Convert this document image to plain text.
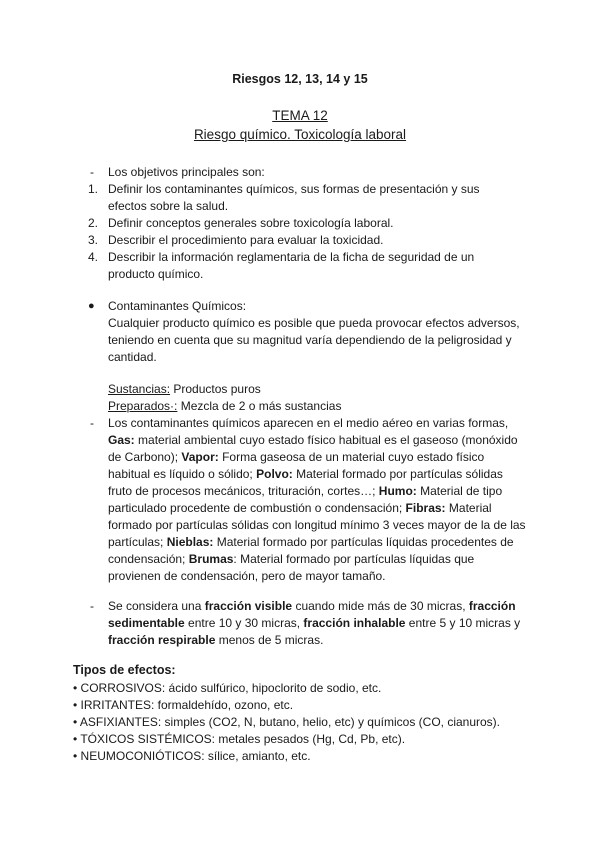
Riesgos 12, 13, 14 y 15
TEMA 12
Riesgo químico. Toxicología laboral
-	Los objetivos principales son:
1. Definir los contaminantes químicos, sus formas de presentación y sus efectos sobre la salud.
2. Definir conceptos generales sobre toxicología laboral.
3. Describir el procedimiento para evaluar la toxicidad.
4. Describir la información reglamentaria de la ficha de seguridad de un producto químico.
●	Contaminantes Químicos:
Cualquier producto químico es posible que pueda provocar efectos adversos, teniendo en cuenta que su magnitud varía dependiendo de la peligrosidad y cantidad.
Sustancias: Productos puros
Preparados·: Mezcla de 2 o más sustancias
-	Los contaminantes químicos aparecen en el medio aéreo en varias formas, Gas: material ambiental cuyo estado físico habitual es el gaseoso (monóxido de Carbono); Vapor: Forma gaseosa de un material cuyo estado físico habitual es líquido o sólido; Polvo: Material formado por partículas sólidas fruto de procesos mecánicos, trituración, cortes…; Humo: Material de tipo particulado procedente de combustión o condensación; Fibras: Material formado por partículas sólidas con longitud mínimo 3 veces mayor de la de las partículas; Nieblas: Material formado por partículas líquidas procedentes de condensación; Brumas: Material formado por partículas líquidas que provienen de condensación, pero de mayor tamaño.
-	Se considera una fracción visible cuando mide más de 30 micras, fracción sedimentable entre 10 y 30 micras, fracción inhalable entre 5 y 10 micras y fracción respirable menos de 5 micras.
Tipos de efectos:
• CORROSIVOS: ácido sulfúrico, hipoclorito de sodio, etc.
• IRRITANTES: formaldehído, ozono, etc.
• ASFIXIANTES: simples (CO2, N, butano, helio, etc) y químicos (CO, cianuros).
• TÓXICOS SISTÉMICOS: metales pesados (Hg, Cd, Pb, etc).
• NEUMOCONIÓTICOS: sílice, amianto, etc.
